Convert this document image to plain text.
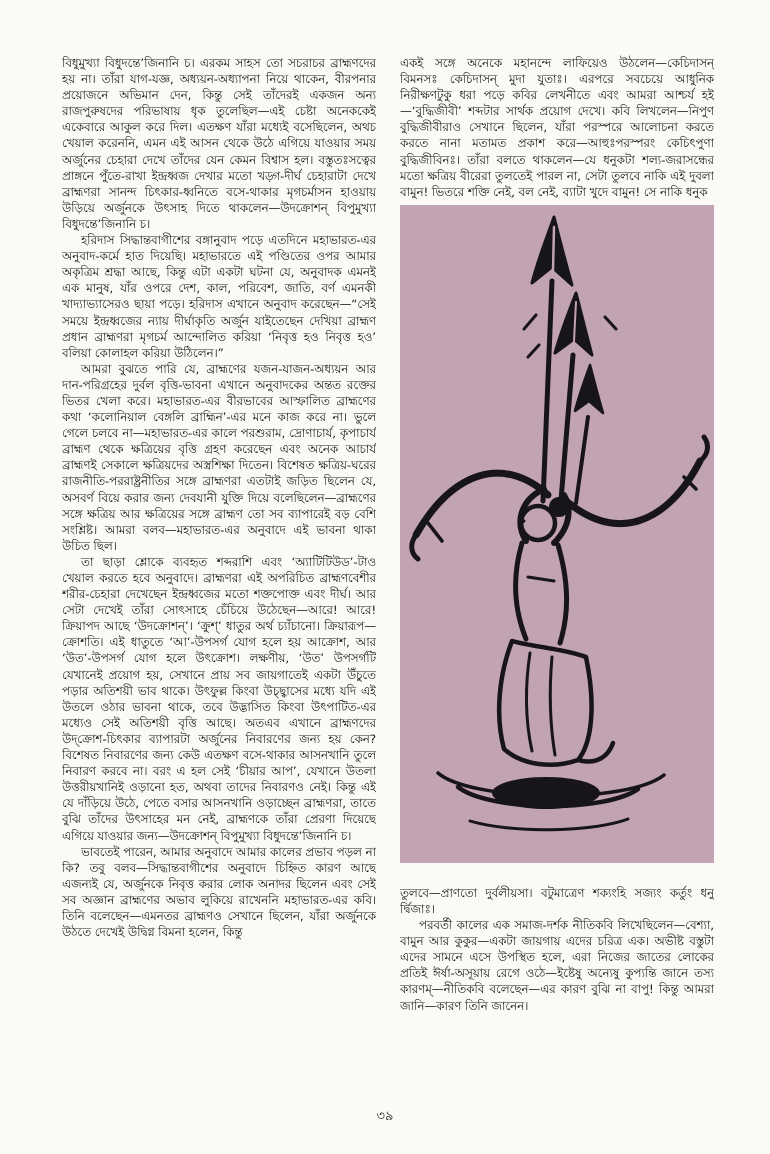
বিধুমুখ্যা বিধুদন্তে’জিনানি চ। এরকম সাহস তো সচরাচর ব্রাহ্মণদের হয় না। তাঁরা যাগ-যজ্ঞ, অধ্যয়ন-অধ্যাপনা নিয়ে থাকেন, বীরপনার প্রয়োজনে অভিমান দেন, কিন্তু সেই তাঁদেরই একজন অন্য রাজপুরুষদের পরিভাষায় ধৃক তুলেছিল—এই চেষ্টা অনেককেই একেবারে আকুল করে দিল। এতক্ষণ যাঁরা মধ্যেই বসেছিলেন, অথচ খেয়াল করেননি, এমন এই আসন থেকে উঠে এগিয়ে যাওয়ার সময় অর্জুনের চেহারা দেখে তাঁদের যেন কেমন বিশ্বাস হল। বস্তুতঃসত্বের প্রাঙ্গনে পুঁতে-রাখা ইন্দ্রধ্বজ দেখার মতো খড়্গ-দীর্ঘ চেহারাটা দেখে ব্রাহ্মণরা সানন্দ চিৎকার-ধ্বনিতে বসে-থাকার মৃগচর্মাসন হাওয়ায় উড়িয়ে অর্জুনকে উৎসাহ দিতে থাকলেন—উদক্রোশন্‌ বিপুমুখ্যা বিধুদন্তে’জিনানি চ।

হরিদাস সিদ্ধান্তবাগীশের বঙ্গানুবাদ পড়ে এতদিনে মহাভারত-এর অনুবাদ-কর্মে হাত দিয়েছি। মহাভারতে এই পণ্ডিতের ওপর আমার অকৃত্রিম শ্রদ্ধা আছে, কিন্তু এটা একটা ঘটনা যে, অনুবাদক এমনই এক মানুষ, যাঁর ওপরে দেশ, কাল, পরিবেশ, জাতি, বর্ণ এমনকী খাদ্যাভ্যাসেরও ছায়া পড়ে। হরিদাস এখানে অনুবাদ করেছেন—“সেই সময়ে ইন্দ্রধ্বজের ন্যায় দীর্ঘাকৃতি অর্জুন যাইতেছেন দেখিয়া ব্রাহ্মণ প্রধান ব্রাহ্মণরা মৃগচর্ম আন্দোলিত করিয়া ‘নিবৃত্ত হও নিবৃত্ত হও’ বলিয়া কোলাহল করিয়া উঠিলেন।”

আমরা বুঝতে পারি যে, ব্রাহ্মণের যজন-যাজন-অধ্যয়ন আর দান-পরিগ্রহের দুর্বল বৃত্তি-ভাবনা এখানে অনুবাদকের অন্তত রক্তের ভিতর খেলা করে। মহাভারত-এর বীরভাবের আস্ফালিত ব্রাহ্মণের কথা ‘কলোনিয়াল বেঙ্গলি ব্রাহ্মিন’-এর মনে কাজ করে না। ভুলে গেলে চলবে না—মহাভারত-এর কালে পরশুরাম, দ্রোণাচার্য, কৃপাচার্য ব্রাহ্মণ থেকে ক্ষত্রিয়ের বৃত্তি গ্রহণ করেছেন এবং অনেক আচার্য ব্রাহ্মণই সেকালে ক্ষত্রিয়দের অস্ত্রশিক্ষা দিতেন। বিশেষত ক্ষত্রিয়-ঘরের রাজনীতি-পররাষ্ট্রনীতির সঙ্গে ব্রাহ্মণরা এতটাই জড়িত ছিলেন যে, অসবর্ণ বিয়ে করার জন্য দেবযানী যুক্তি দিয়ে বলেছিলেন—ব্রাহ্মণের সঙ্গে ক্ষত্রিয় আর ক্ষত্রিয়ের সঙ্গে ব্রাহ্মণ তো সব ব্যাপারেই বড় বেশি সংশ্লিষ্ট। আমরা বলব—মহাভারত-এর অনুবাদে এই ভাবনা থাকা উচিত ছিল।

তা ছাড়া শ্লোকে ব্যবহৃত শব্দরাশি এবং ‘অ্যাটিটিউড’-টাও খেয়াল করতে হবে অনুবাদে। ব্রাহ্মণরা এই অপরিচিত ব্রাহ্মণবেশীর শরীর-চেহারা দেখেছেন ইন্দ্রধ্বজের মতো শক্তপোক্ত এবং দীর্ঘ। আর সেটা দেখেই তাঁরা সোৎসাহে চেঁচিয়ে উঠেছেন—আরে! আরে! ক্রিয়াপদ আছে ‘উদক্রোশন্‌’। ‘ক্রুশ্‌’ ধাতুর অর্থ চ্যাঁচানো। ক্রিয়ারূপ—ক্রোশতি। এই ধাতুতে ‘আ’-উপসর্গ যোগ হলে হয় আক্রোশ, আর ‘উত’-উপসর্গ যোগ হলে উৎক্রোশ। লক্ষণীয়, ‘উত’ উপসর্গটি যেখানেই প্রয়োগ হয়, সেখানে প্রায় সব জায়গাতেই একটা উঁচুতে পড়ার অতিশয়ী ভাব থাকে। উৎফুল্ল কিংবা উচ্ছ্বাসের মধ্যে যদি এই উতলে ওঠার ভাবনা থাকে, তবে উদ্ভাসিত কিংবা উৎপাটিত-এর মধ্যেও সেই অতিশয়ী বৃত্তি আছে। অতএব এখানে ব্রাহ্মণদের উদ্‌ক্রোশ-চিৎকার ব্যাপারটা অর্জুনের নিবারণের জন্য হয় কেন? বিশেষত নিবারণের জন্য কেউ এতক্ষণ বসে-থাকার আসনখানি তুলে নিবারণ করবে না। বরং এ হল সেই ‘চীয়ার আপ’, যেখানে উতলা উত্তরীয়খানিই ওড়ানো হত, অথবা তাদের নিবারণও নেই। কিন্তু এই যে দাঁড়িয়ে উঠে, পেতে বসার আসনখানি ওড়াচ্ছেন ব্রাহ্মণরা, তাতে বুঝি তাঁদের উৎসাহের মন নেই, ব্রাহ্মণকে তাঁরা প্রেরণা দিয়েছে এগিয়ে যাওয়ার জন্য—উদক্রোশন্‌ বিপুমুখ্যা বিধুদন্তে’জিনানি চ।

ভাবতেই পারেন, আমার অনুবাদে আমার কালের প্রভাব পড়ল না কি? তবু বলব—সিদ্ধান্তবাগীশের অনুবাদে চিহ্নিত কারণ আছে এজন্যই যে, অর্জুনকে নিবৃত্ত করার লোক অনাদর ছিলেন এবং সেই সব অজ্ঞান ব্রাহ্মণের অভাব লুকিয়ে রাখেননি মহাভারত-এর কবি। তিনি বলেছেন—এমনতর ব্রাহ্মণও সেখানে ছিলেন, যাঁরা অর্জুনকে উঠতে দেখেই উদ্বিগ্ন বিমনা হলেন, কিন্তু

একই সঙ্গে অনেকে মহানন্দে লাফিয়েও উঠলেন—কেচিদাসন্‌ বিমনসঃ কেচিদাসন্‌ মুদা যুতাঃ। এরপরে সবচেয়ে আধুনিক নিরীক্ষণটুকু ধরা পড়ে কবির লেখনীতে এবং আমরা আশ্চর্য হই—‘বুদ্ধিজীবী’ শব্দটার সার্থক প্রয়োগ দেখে। কবি লিখলেন—নিপুণ বুদ্ধিজীবীরাও সেখানে ছিলেন, যাঁরা পরস্পরে আলোচনা করতে করতে নানা মতামত প্রকাশ করে—আহুঃপরস্পরং কেচিৎপুণা বুদ্ধিজীবিনঃ। তাঁরা বলতে থাকলেন—যে ধনুকটা শল্য-জরাসন্ধের মতো ক্ষত্রিয় বীরেরা তুলতেই পারল না, সেটা তুলবে নাকি এই দুবলা বামুন! ভিতরে শক্তি নেই, বল নেই, ব্যাটা খুদে বামুন! সে নাকি ধনুক

তুলবে—প্রাণতো দুর্বলীয়সা। বটুমাত্রেণ শক্যংহি সজ্যং কর্তুং ধনু র্দ্বিজাঃ।

পরবর্তী কালের এক সমাজ-দর্শক নীতিকবি লিখেছিলেন—বেশ্যা, বামুন আর কুকুর—একটা জায়গায় এদের চরিত্র এক। অভীষ্ট বস্তুটা এদের সামনে এসে উপস্থিত হলে, এরা নিজের জাতের লোকের প্রতিই ঈর্ষা-অসূয়ায় রেগে ওঠে—ইষ্টেষু অন্যেষু কুপ্যন্তি জানে তস্য কারণম্‌—নীতিকবি বলেছেন—এর কারণ বুঝি না বাপু! কিন্তু আমরা জানি—কারণ তিনি জানেন।

৩৯
